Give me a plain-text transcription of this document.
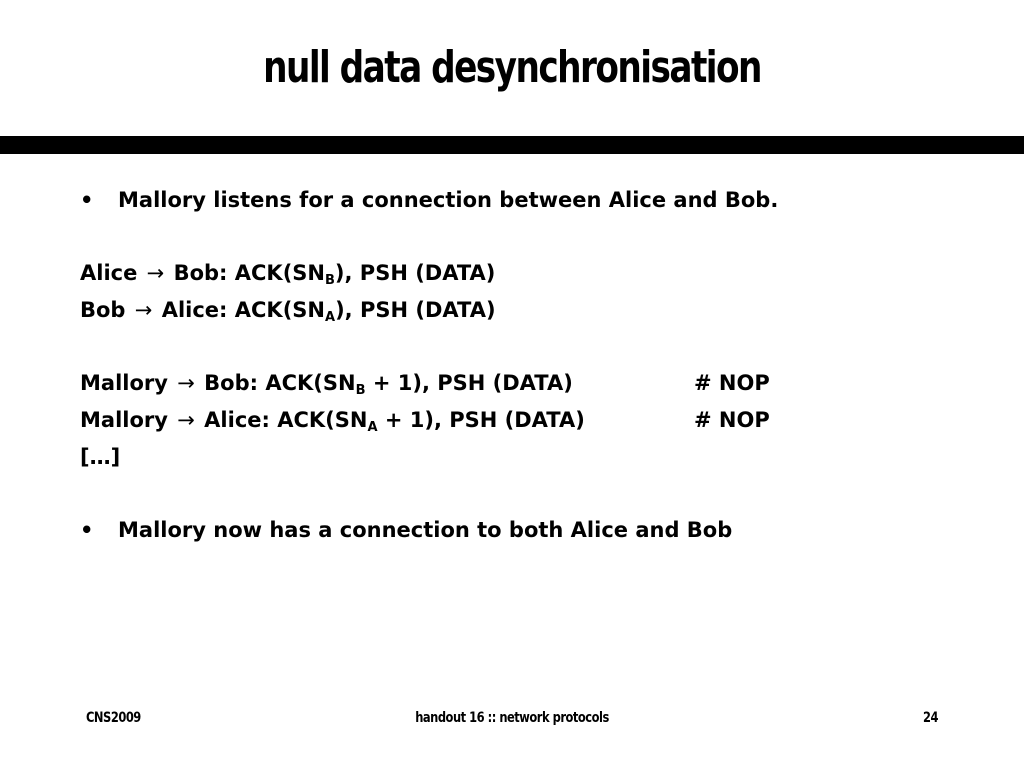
null data desynchronisation
•	Mallory listens for a connection between Alice and Bob.
Alice → Bob: $ACK(SN_B)$, PSH (DATA)
Bob → Alice: $ACK(SN_A)$, PSH (DATA)
Mallory → Bob: $ACK(SN_B + 1)$, PSH (DATA)	# NOP
Mallory → Alice: $ACK(SN_A + 1)$, PSH (DATA)	# NOP
[…]
•	Mallory now has a connection to both Alice and Bob
CNS2009	handout 16 :: network protocols	24
